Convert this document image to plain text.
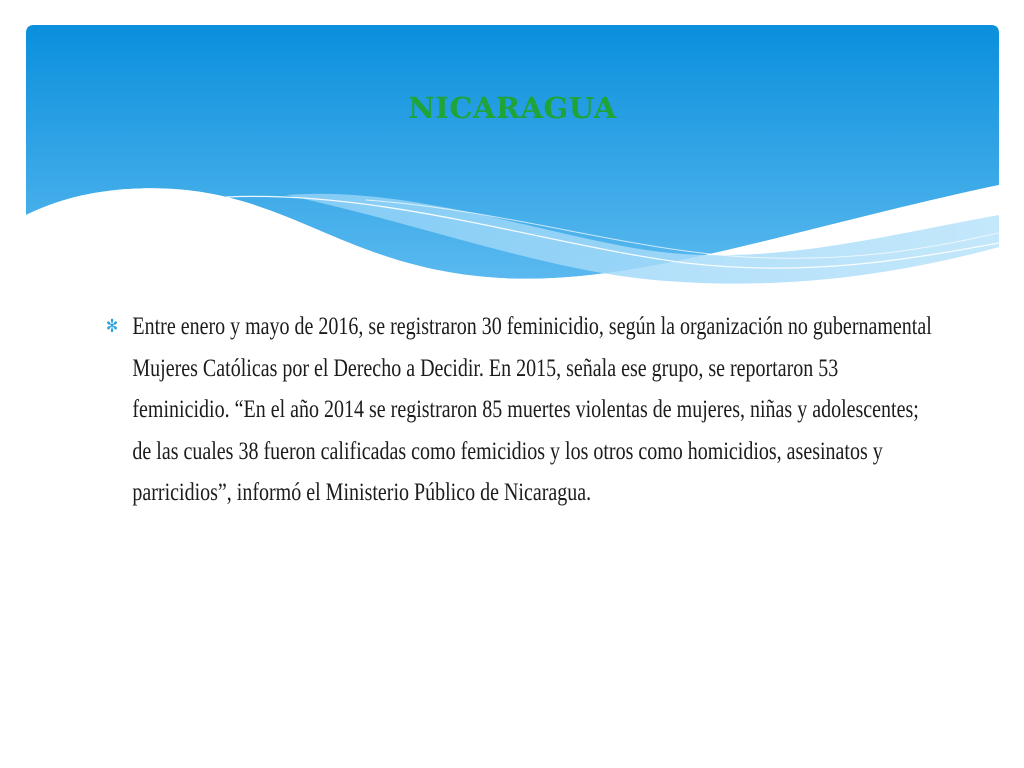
NICARAGUA
✻ Entre enero y mayo de 2016, se registraron 30 feminicidio, según la organización no gubernamental Mujeres Católicas por el Derecho a Decidir. En 2015, señala ese grupo, se reportaron 53 feminicidio. “En el año 2014 se registraron 85 muertes violentas de mujeres, niñas y adolescentes; de las cuales 38 fueron calificadas como femicidios y los otros como homicidios, asesinatos y parricidios”, informó el Ministerio Público de Nicaragua.
